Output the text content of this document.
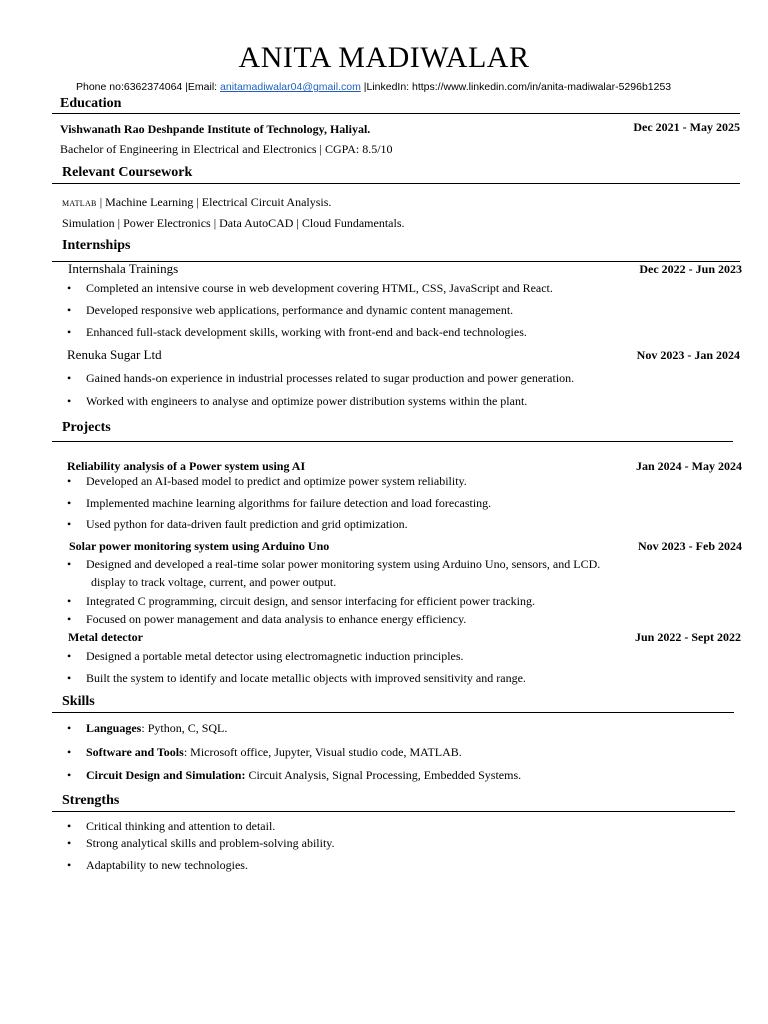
ANITA MADIWALAR
Phone no:6362374064 |Email: anitamadiwalar04@gmail.com |LinkedIn: https://www.linkedin.com/in/anita-madiwalar-5296b1253
Education
Vishwanath Rao Deshpande Institute of Technology, Haliyal.	Dec 2021 - May 2025
Bachelor of Engineering in Electrical and Electronics | CGPA: 8.5/10
Relevant Coursework
MATLAB | Machine Learning | Electrical Circuit Analysis.
Simulation | Power Electronics | Data AutoCAD | Cloud Fundamentals.
Internships
Internshala Trainings	Dec 2022 - Jun 2023
•	Completed an intensive course in web development covering HTML, CSS, JavaScript and React.
•	Developed responsive web applications, performance and dynamic content management.
•	Enhanced full-stack development skills, working with front-end and back-end technologies.
Renuka Sugar Ltd	Nov 2023 - Jan 2024
•	Gained hands-on experience in industrial processes related to sugar production and power generation.
•	Worked with engineers to analyse and optimize power distribution systems within the plant.
Projects
Reliability analysis of a Power system using AI	Jan 2024 - May 2024
•	Developed an AI-based model to predict and optimize power system reliability.
•	Implemented machine learning algorithms for failure detection and load forecasting.
•	Used python for data-driven fault prediction and grid optimization.
Solar power monitoring system using Arduino Uno	Nov 2023 - Feb 2024
•	Designed and developed a real-time solar power monitoring system using Arduino Uno, sensors, and LCD.
display to track voltage, current, and power output.
•	Integrated C programming, circuit design, and sensor interfacing for efficient power tracking.
•	Focused on power management and data analysis to enhance energy efficiency.
Metal detector	Jun 2022 - Sept 2022
•	Designed a portable metal detector using electromagnetic induction principles.
•	Built the system to identify and locate metallic objects with improved sensitivity and range.
Skills
•	Languages: Python, C, SQL.
•	Software and Tools: Microsoft office, Jupyter, Visual studio code, MATLAB.
•	Circuit Design and Simulation: Circuit Analysis, Signal Processing, Embedded Systems.
Strengths
•	Critical thinking and attention to detail.
•	Strong analytical skills and problem-solving ability.
•	Adaptability to new technologies.
